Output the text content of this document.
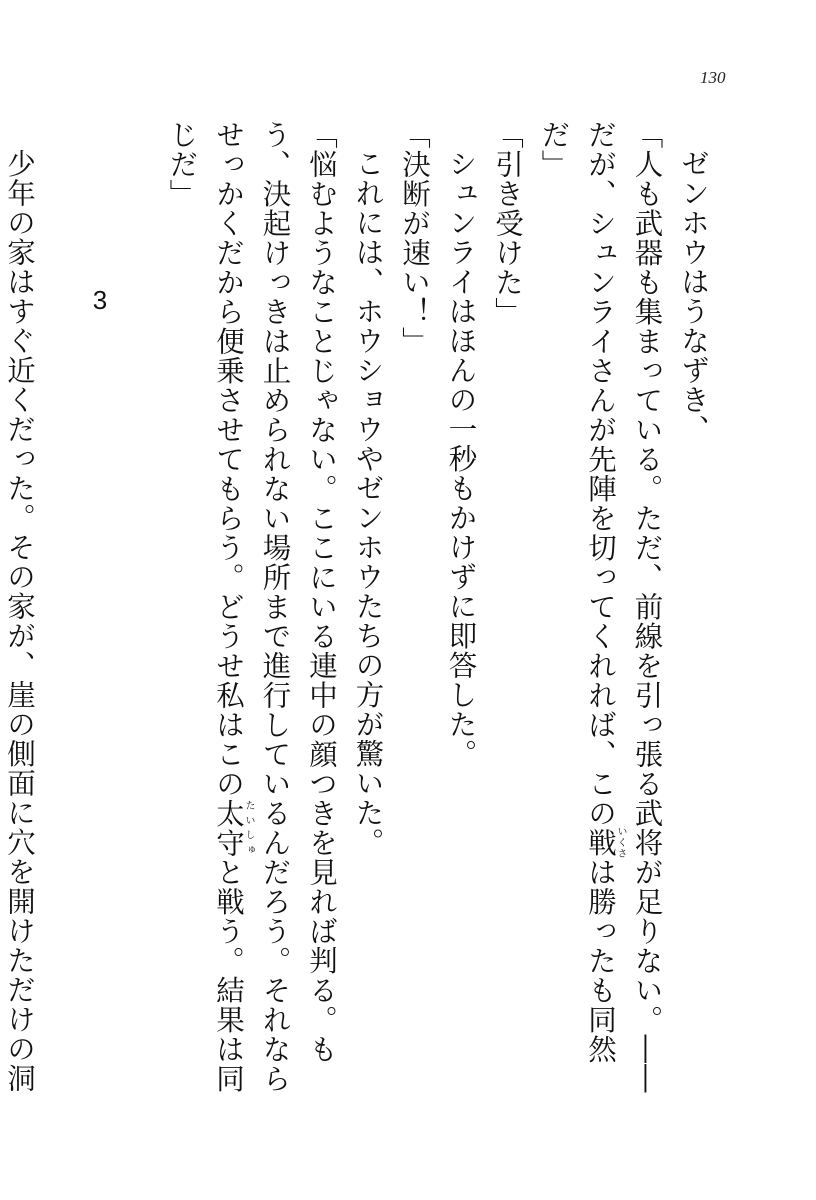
130

ゼンホウはうなずき、

「人も武器も集まっている。ただ、前線を引っ張る武将が足りない。――だが、シュンライさんが先陣を切ってくれれば、この戦いくさは勝ったも同然だ」

「引き受けた」

シュンライはほんの一秒もかけずに即答した。

「決断が速い！」

これには、ホウショウやゼンホウたちの方が驚いた。

「悩むようなことじゃない。ここにいる連中の顔つきを見れば判る。もう、決起けっきは止められない場所まで進行しているんだろう。それならせっかくだから便乗させてもらう。どうせ私はこの太守たいしゅと戦う。結果は同じだ」

3

少年の家はすぐ近くだった。その家が、崖の側面に穴を開けただけの洞
